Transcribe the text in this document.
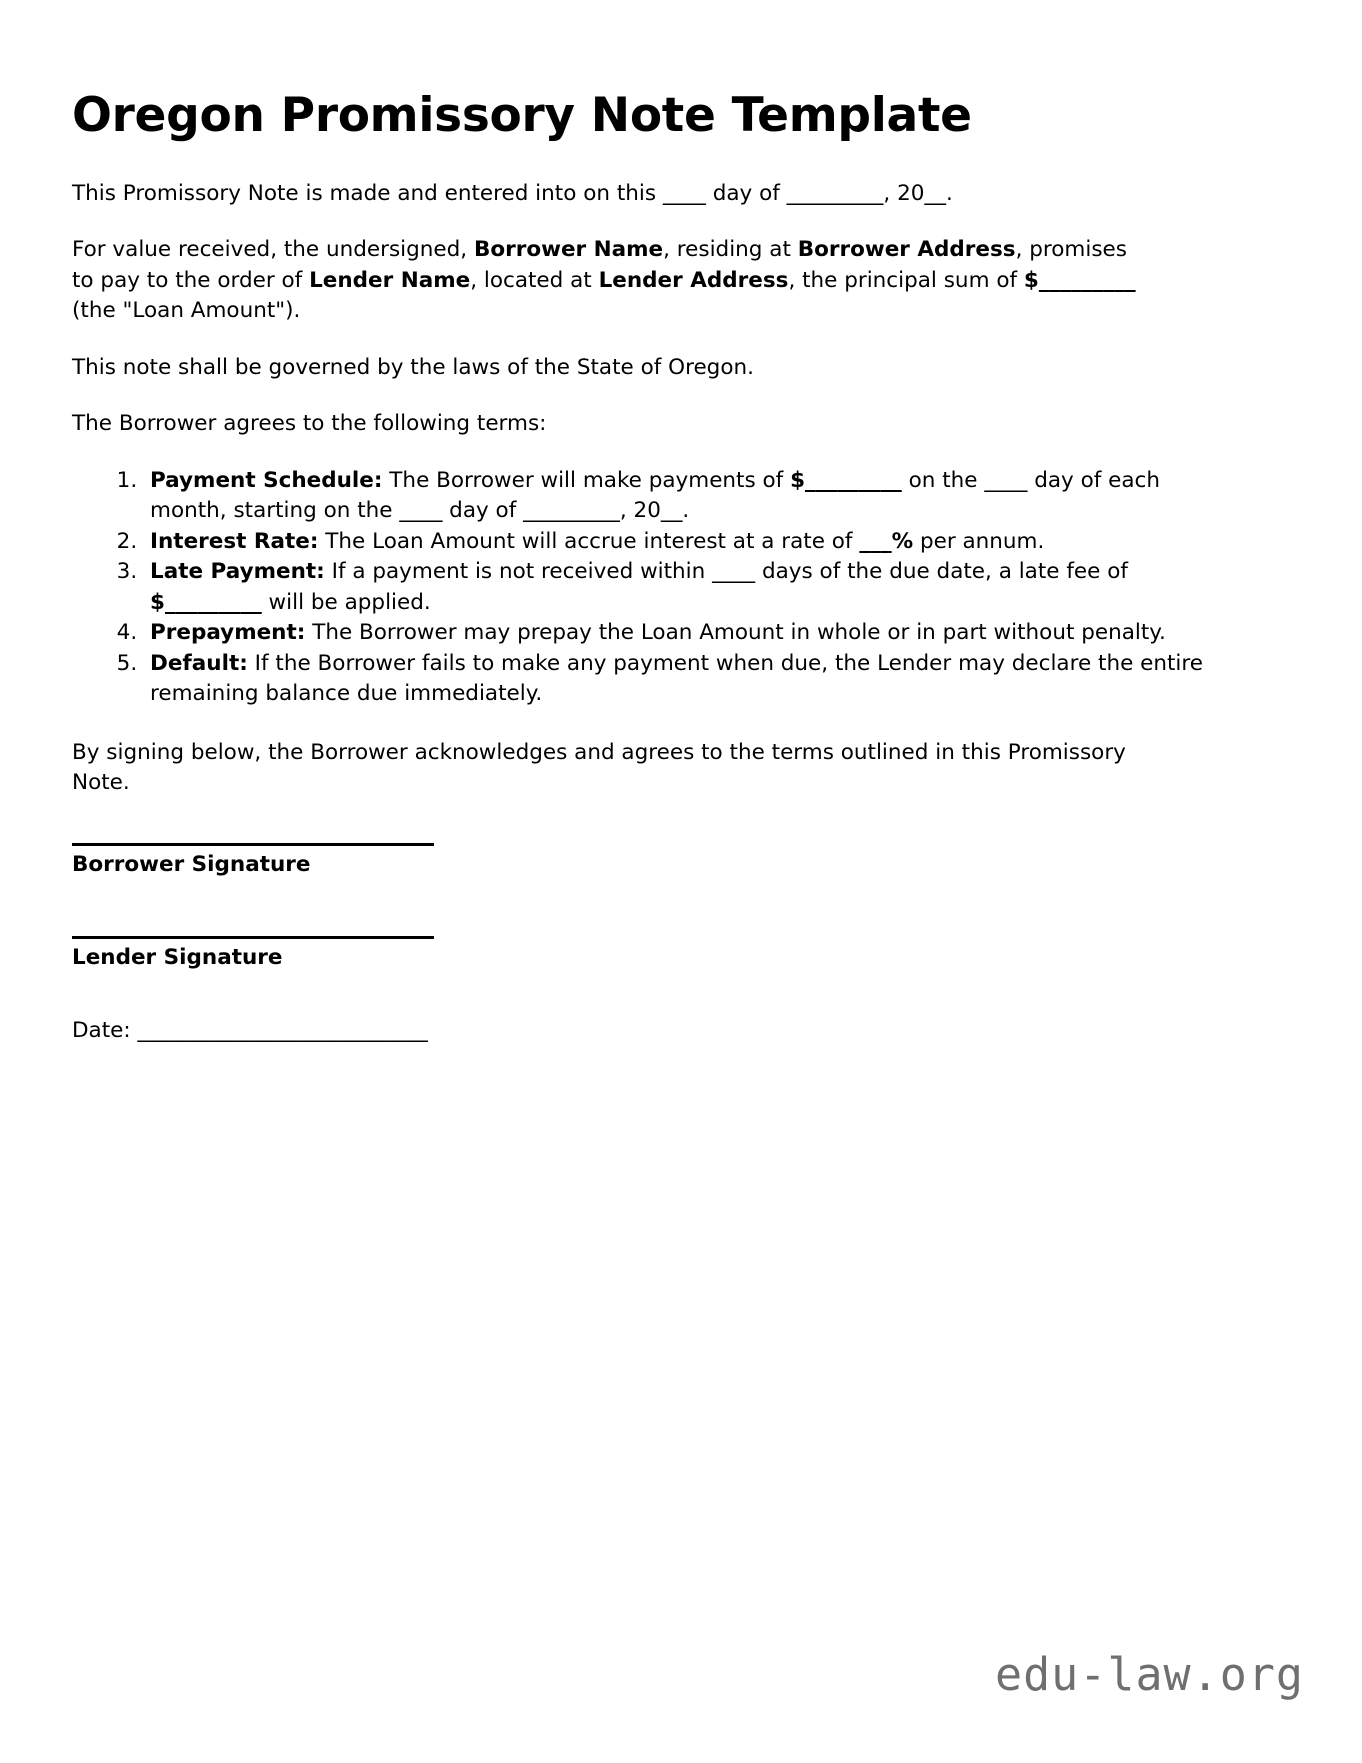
Oregon Promissory Note Template

This Promissory Note is made and entered into on this ____ day of _________, 20__.

For value received, the undersigned, Borrower Name, residing at Borrower Address, promises to pay to the order of Lender Name, located at Lender Address, the principal sum of $_________ (the "Loan Amount").

This note shall be governed by the laws of the State of Oregon.

The Borrower agrees to the following terms:

1. Payment Schedule: The Borrower will make payments of $_________ on the ____ day of each month, starting on the ____ day of _________, 20__.
2. Interest Rate: The Loan Amount will accrue interest at a rate of ___% per annum.
3. Late Payment: If a payment is not received within ____ days of the due date, a late fee of $_________ will be applied.
4. Prepayment: The Borrower may prepay the Loan Amount in whole or in part without penalty.
5. Default: If the Borrower fails to make any payment when due, the Lender may declare the entire remaining balance due immediately.

By signing below, the Borrower acknowledges and agrees to the terms outlined in this Promissory Note.

Borrower Signature
Lender Signature
Date: ___________________________
edu-law.org
